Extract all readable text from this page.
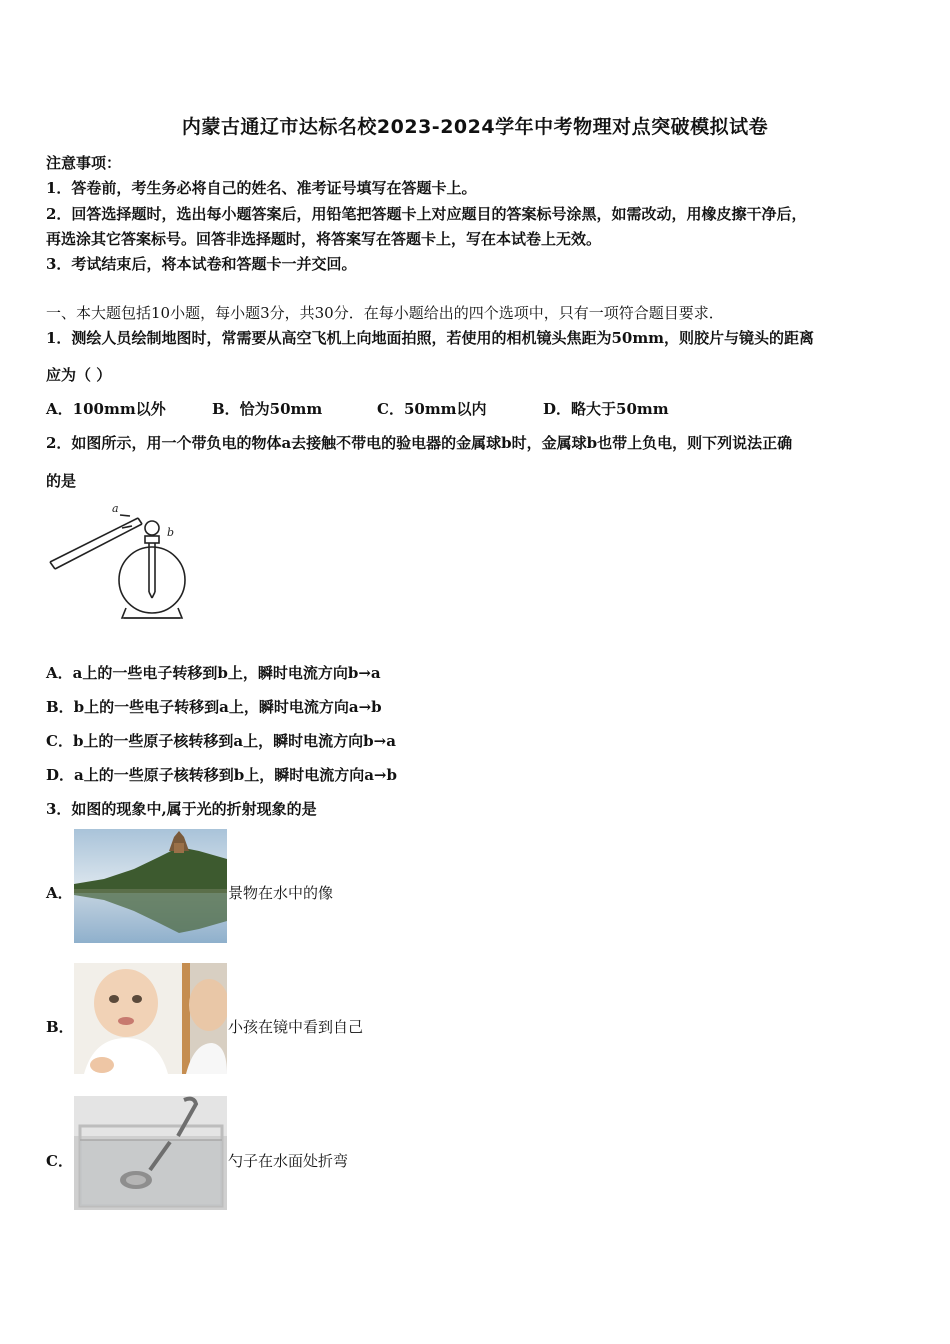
内蒙古通辽市达标名校2023-2024学年中考物理对点突破模拟试卷
注意事项：
1．答卷前，考生务必将自己的姓名、准考证号填写在答题卡上。
2．回答选择题时，选出每小题答案后，用铅笔把答题卡上对应题目的答案标号涂黑，如需改动，用橡皮擦干净后，
再选涂其它答案标号。回答非选择题时，将答案写在答题卡上，写在本试卷上无效。
3．考试结束后，将本试卷和答题卡一并交回。
一、本大题包括10小题，每小题3分，共30分．在每小题给出的四个选项中，只有一项符合题目要求．
1．测绘人员绘制地图时，常需要从高空飞机上向地面拍照，若使用的相机镜头焦距为50mm，则胶片与镜头的距离
应为（ ）
A．100mm以外	B．恰为50mm	C．50mm以内	D．略大于50mm
2．如图所示，用一个带负电的物体a去接触不带电的验电器的金属球b时，金属球b也带上负电，则下列说法正确
的是
a
b
A．a上的一些电子转移到b上，瞬时电流方向b→a
B．b上的一些电子转移到a上，瞬时电流方向a→b
C．b上的一些原子核转移到a上，瞬时电流方向b→a
D．a上的一些原子核转移到b上，瞬时电流方向a→b
3．如图的现象中,属于光的折射现象的是
A．	景物在水中的像
B．	小孩在镜中看到自己
C．	勺子在水面处折弯
